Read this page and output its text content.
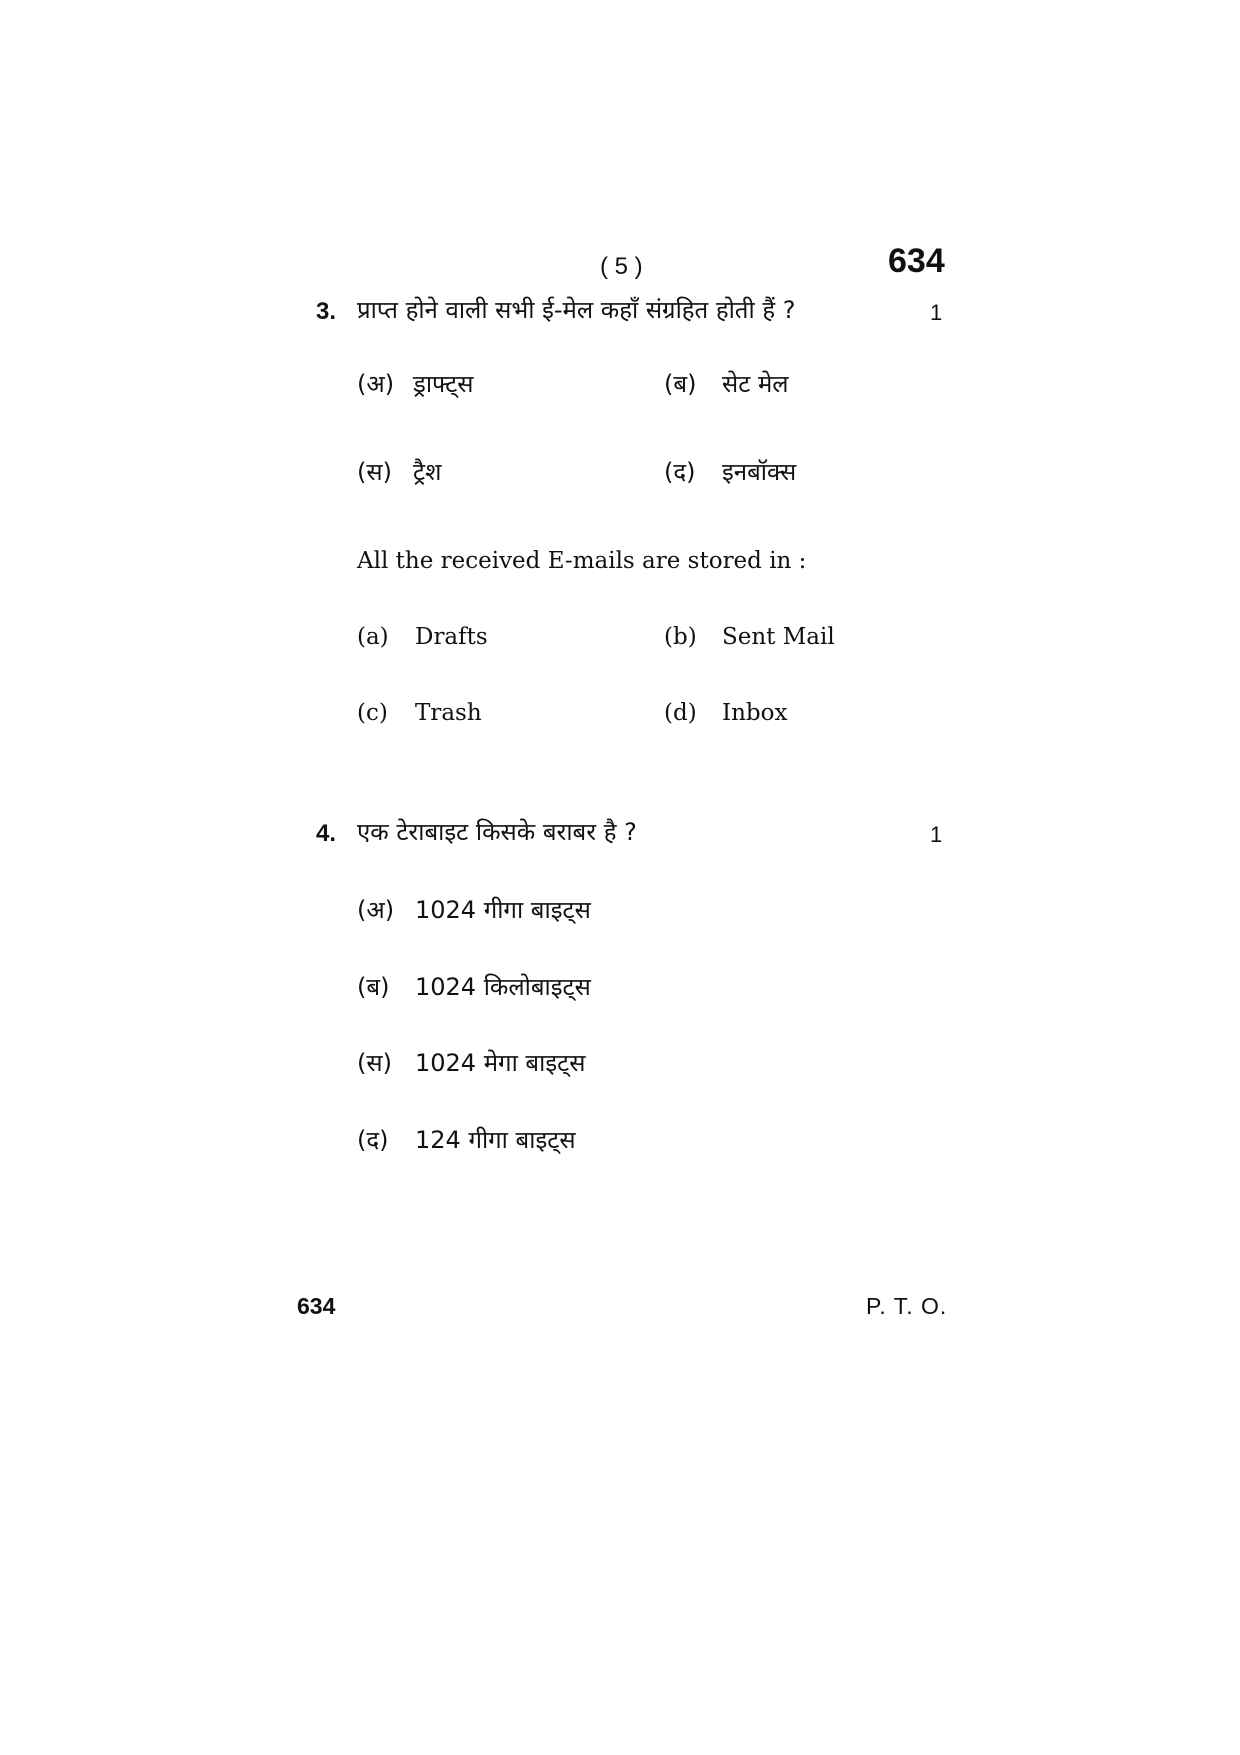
( 5 )	634
3. प्राप्त होने वाली सभी ई-मेल कहाँ संग्रहित होती हैं ?	1
(अ) ड्राफ्ट्स	(ब) सेट मेल
(स) ट्रैश	(द) इनबॉक्स
All the received E-mails are stored in :
(a) Drafts	(b) Sent Mail
(c) Trash	(d) Inbox
4. एक टेराबाइट किसके बराबर है ?	1
(अ) 1024 गीगा बाइट्स
(ब) 1024 किलोबाइट्स
(स) 1024 मेगा बाइट्स
(द) 124 गीगा बाइट्स
634	P. T. O.
